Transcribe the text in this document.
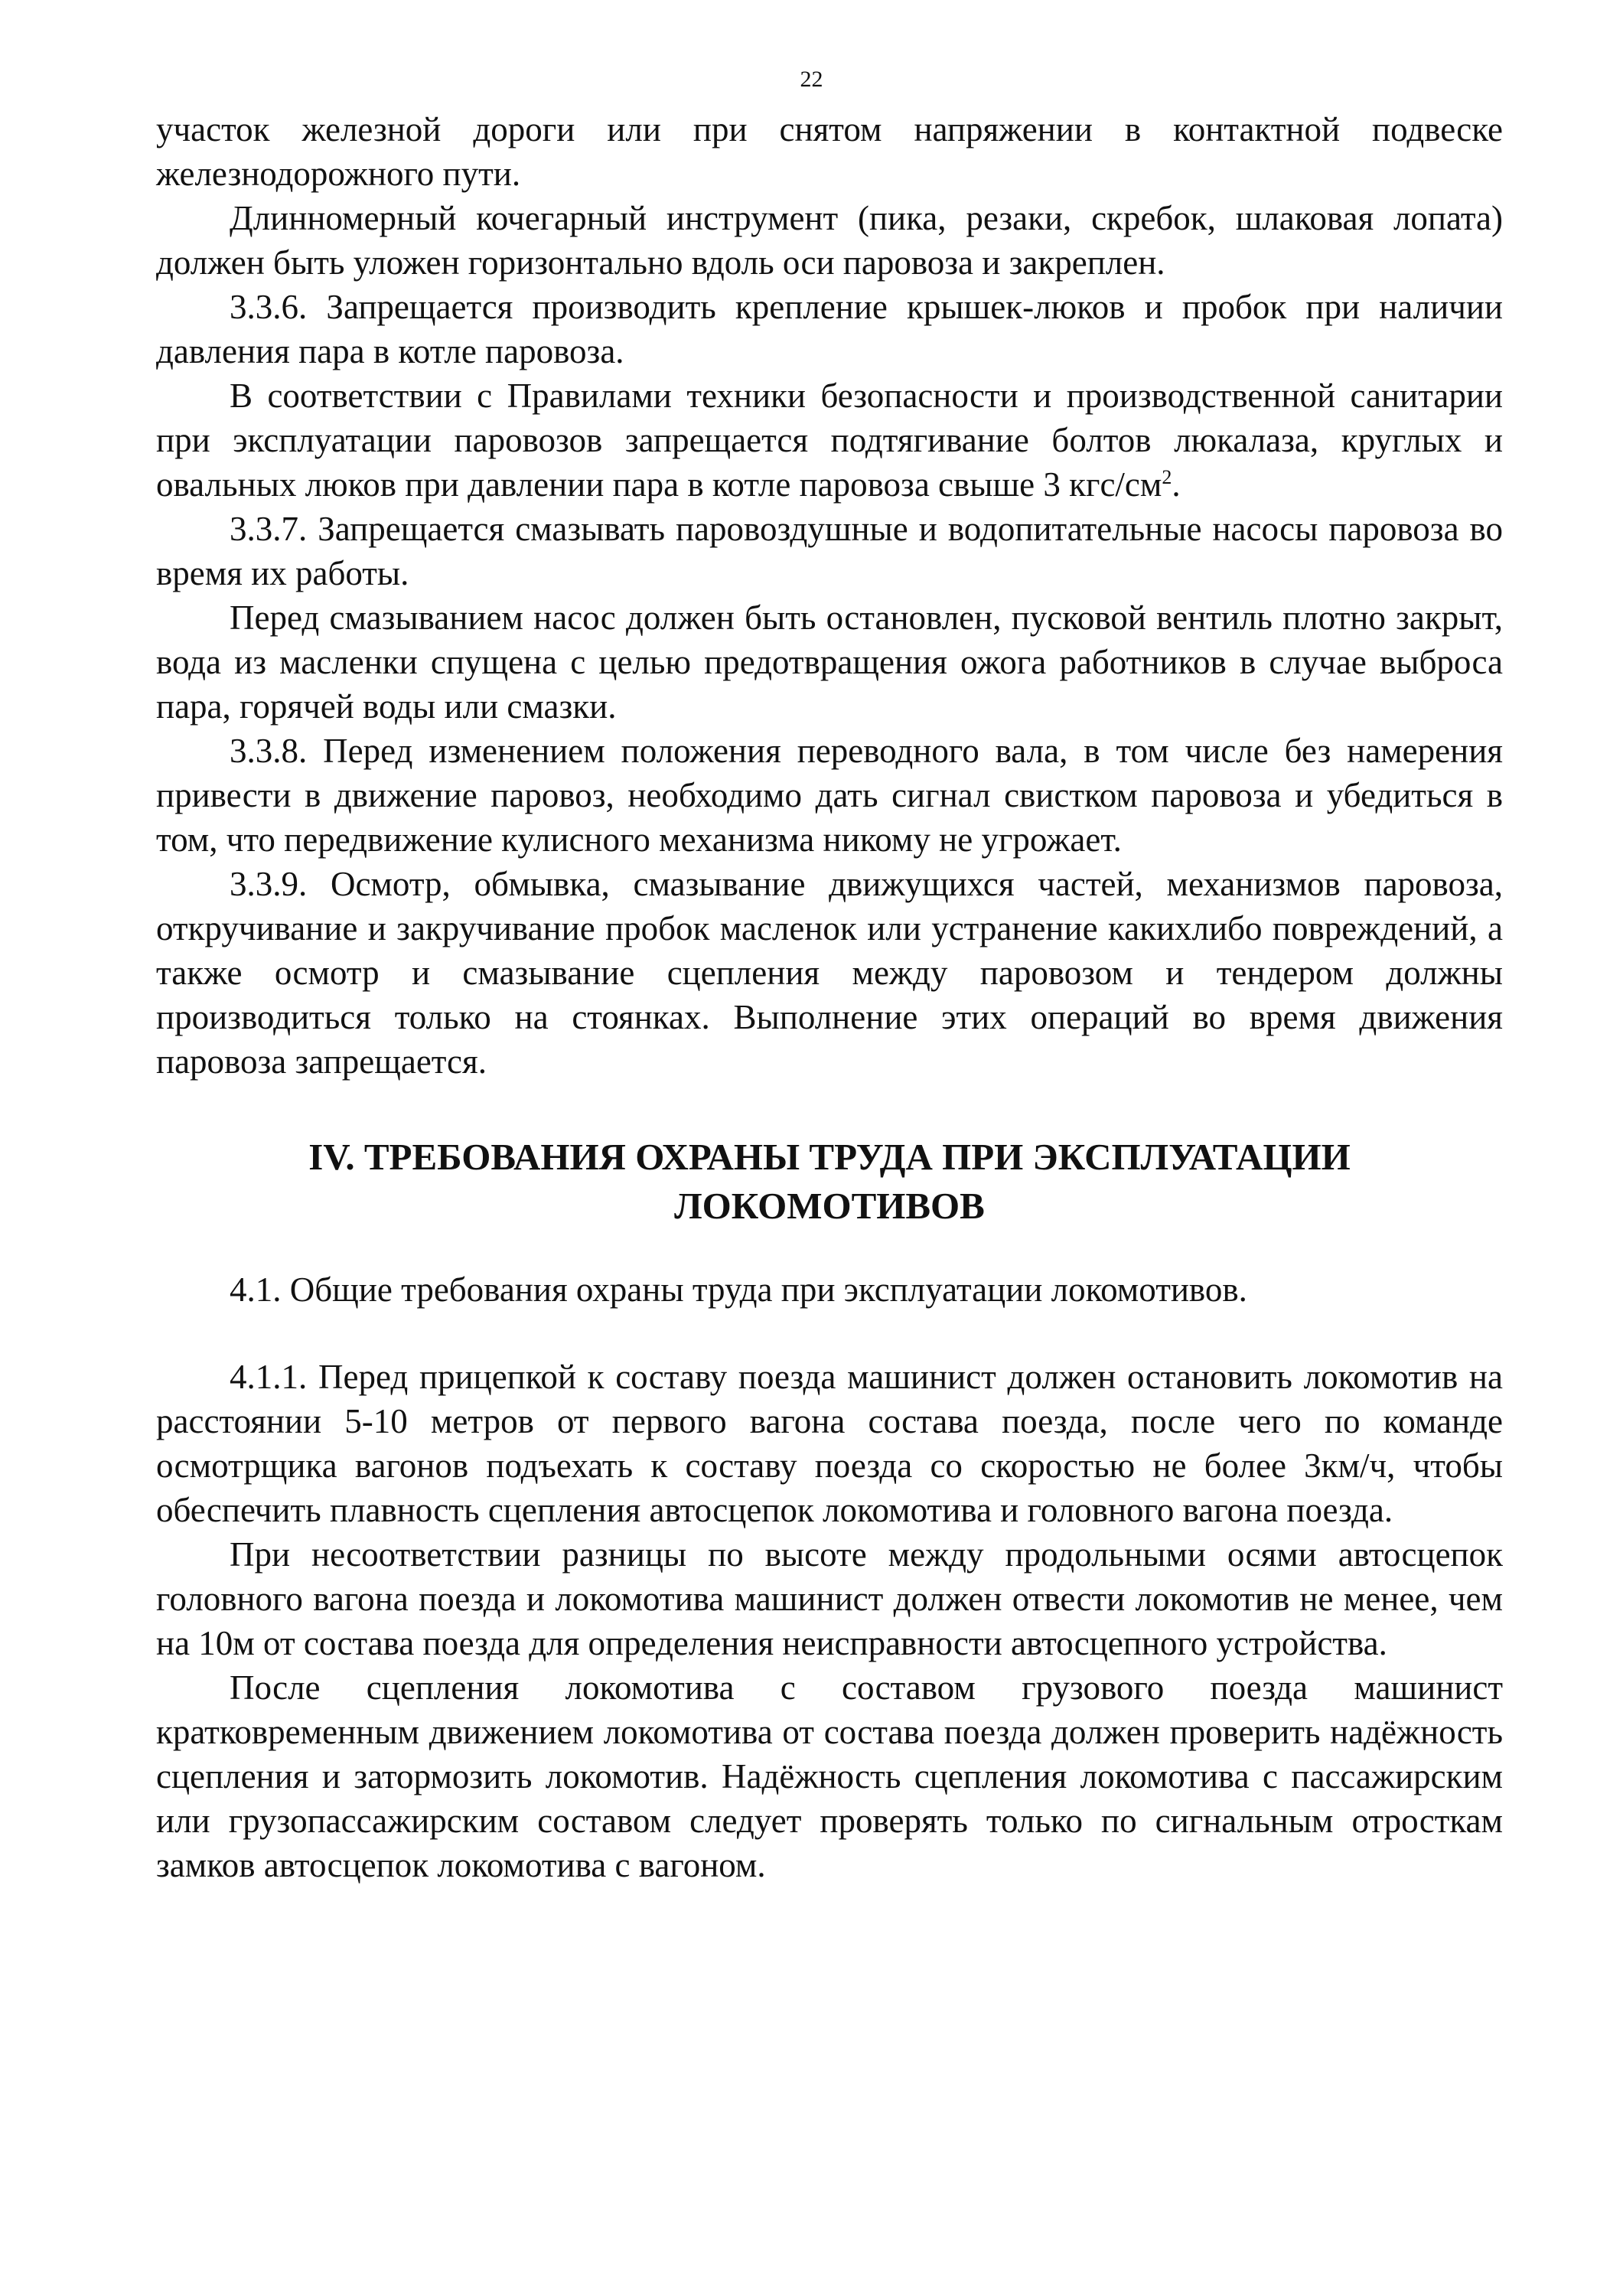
22

участок железной дороги или при снятом напряжении в контактной подвеске железнодорожного пути.

Длинномерный кочегарный инструмент (пика, резаки, скребок, шлаковая лопата) должен быть уложен горизонтально вдоль оси паровоза и закреплен.

3.3.6. Запрещается производить крепление крышек-люков и пробок при наличии давления пара в котле паровоза.

В соответствии с Правилами техники безопасности и производственной санитарии при эксплуатации паровозов запрещается подтягивание болтов люкалаза, круглых и овальных люков при давлении пара в котле паровоза свыше 3 кгс/$см^2$.

3.3.7. Запрещается смазывать паровоздушные и водопитательные насосы паровоза во время их работы.

Перед смазыванием насос должен быть остановлен, пусковой вентиль плотно закрыт, вода из масленки спущена с целью предотвращения ожога работников в случае выброса пара, горячей воды или смазки.

3.3.8. Перед изменением положения переводного вала, в том числе без намерения привести в движение паровоз, необходимо дать сигнал свистком паровоза и убедиться в том, что передвижение кулисного механизма никому не угрожает.

3.3.9. Осмотр, обмывка, смазывание движущихся частей, механизмов паровоза, откручивание и закручивание пробок масленок или устранение какихлибо повреждений, а также осмотр и смазывание сцепления между паровозом и тендером должны производиться только на стоянках. Выполнение этих операций во время движения паровоза запрещается.

IV. ТРЕБОВАНИЯ ОХРАНЫ ТРУДА ПРИ ЭКСПЛУАТАЦИИ
ЛОКОМОТИВОВ

4.1. Общие требования охраны труда при эксплуатации локомотивов.

4.1.1. Перед прицепкой к составу поезда машинист должен остановить локомотив на расстоянии 5-10 метров от первого вагона состава поезда, после чего по команде осмотрщика вагонов подъехать к составу поезда со скоростью не более 3км/ч, чтобы обеспечить плавность сцепления автосцепок локомотива и головного вагона поезда.

При несоответствии разницы по высоте между продольными осями автосцепок головного вагона поезда и локомотива машинист должен отвести локомотив не менее, чем на 10м от состава поезда для определения неисправности автосцепного устройства.

После сцепления локомотива с составом грузового поезда машинист кратковременным движением локомотива от состава поезда должен проверить надёжность сцепления и затормозить локомотив. Надёжность сцепления локомотива с пассажирским или грузопассажирским составом следует проверять только по сигнальным отросткам замков автосцепок локомотива с вагоном.
